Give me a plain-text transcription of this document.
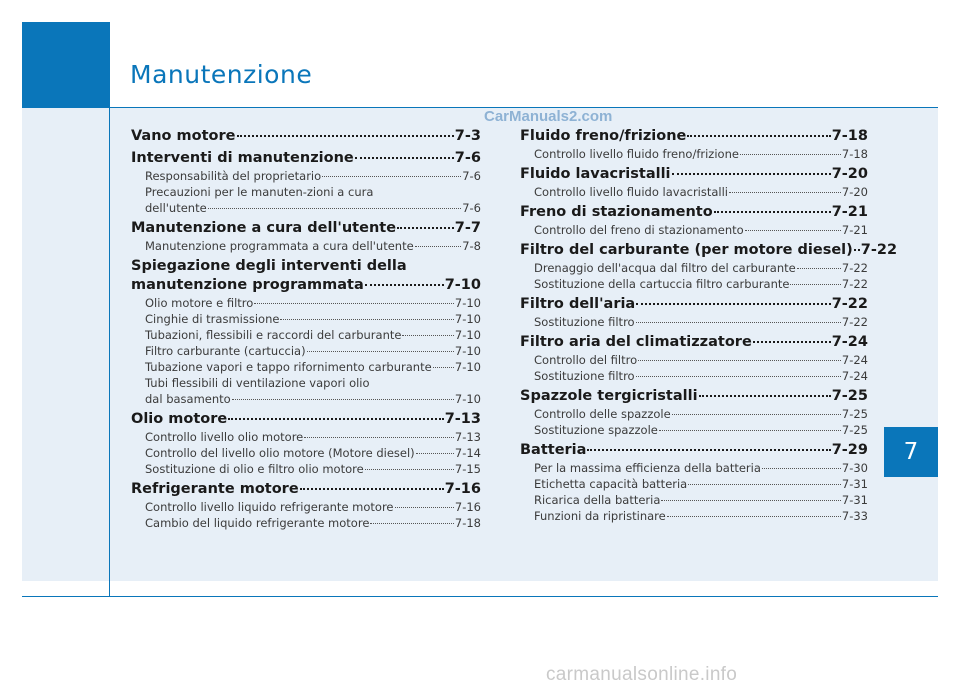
Manutenzione
CarManuals2.com
Vano motore	7-3
Interventi di manutenzione	7-6
Responsabilità del proprietario	7-6
Precauzioni per le manuten-zioni a cura
dell'utente	7-6
Manutenzione a cura dell'utente	7-7
Manutenzione programmata a cura dell'utente	7-8
Spiegazione degli interventi della
manutenzione programmata	7-10
Olio motore e filtro	7-10
Cinghie di trasmissione	7-10
Tubazioni, flessibili e raccordi del carburante	7-10
Filtro carburante (cartuccia)	7-10
Tubazione vapori e tappo rifornimento carburante 7-10
Tubi flessibili di ventilazione vapori olio
dal basamento	7-10
Olio motore	7-13
Controllo livello olio motore	7-13
Controllo del livello olio motore (Motore diesel)	7-14
Sostituzione di olio e filtro olio motore	7-15
Refrigerante motore	7-16
Controllo livello liquido refrigerante motore	7-16
Cambio del liquido refrigerante motore	7-18
Fluido freno/frizione	7-18
Controllo livello fluido freno/frizione	7-18
Fluido lavacristalli	7-20
Controllo livello fluido lavacristalli	7-20
Freno di stazionamento	7-21
Controllo del freno di stazionamento	7-21
Filtro del carburante (per motore diesel) 7-22
Drenaggio dell'acqua dal filtro del carburante	7-22
Sostituzione della cartuccia filtro carburante	7-22
Filtro dell'aria	7-22
Sostituzione filtro	7-22
Filtro aria del climatizzatore	7-24
Controllo del filtro	7-24
Sostituzione filtro	7-24
Spazzole tergicristalli	7-25
Controllo delle spazzole	7-25
Sostituzione spazzole	7-25
Batteria	7-29
Per la massima efficienza della batteria	7-30
Etichetta capacità batteria	7-31
Ricarica della batteria	7-31
Funzioni da ripristinare	7-33
7
carmanualsonline.info
